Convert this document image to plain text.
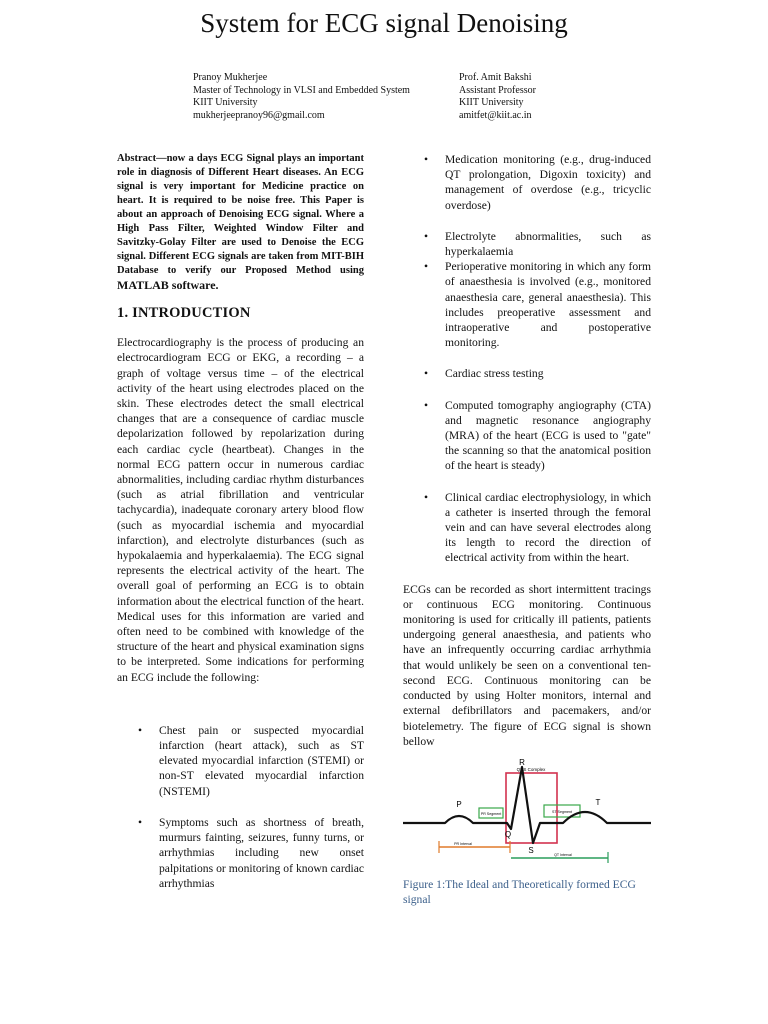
System for ECG signal Denoising
Pranoy Mukherjee
Master of Technology in VLSI and Embedded System
KIIT University
mukherjeepranoy96@gmail.com
Prof. Amit Bakshi
Assistant Professor
KIIT University
amitfet@kiit.ac.in

Abstract—now a days ECG Signal plays an important role in diagnosis of Different Heart diseases. An ECG signal is very important for Medicine practice on heart. It is required to be noise free. This Paper is about an approach of Denoising ECG signal. Where a High Pass Filter, Weighted Window Filter and Savitzky-Golay Filter are used to Denoise the ECG signal. Different ECG signals are taken from MIT-BIH Database to verify our Proposed Method using MATLAB software.

1. INTRODUCTION

Electrocardiography is the process of producing an electrocardiogram ECG or EKG, a recording – a graph of voltage versus time – of the electrical activity of the heart using electrodes placed on the skin. These electrodes detect the small electrical changes that are a consequence of cardiac muscle depolarization followed by repolarization during each cardiac cycle (heartbeat). Changes in the normal ECG pattern occur in numerous cardiac abnormalities, including cardiac rhythm disturbances (such as atrial fibrillation and ventricular tachycardia), inadequate coronary artery blood flow (such as myocardial ischemia and myocardial infarction), and electrolyte disturbances (such as hypokalaemia and hyperkalaemia). The ECG signal represents the electrical activity of the heart. The overall goal of performing an ECG is to obtain information about the electrical function of the heart. Medical uses for this information are varied and often need to be combined with knowledge of the structure of the heart and physical examination signs to be interpreted. Some indications for performing an ECG include the following:

• Chest pain or suspected myocardial infarction (heart attack), such as ST elevated myocardial infarction (STEMI) or non-ST elevated myocardial infarction (NSTEMI)
• Symptoms such as shortness of breath, murmurs fainting, seizures, funny turns, or arrhythmias including new onset palpitations or monitoring of known cardiac arrhythmias
• Medication monitoring (e.g., drug-induced QT prolongation, Digoxin toxicity) and management of overdose (e.g., tricyclic overdose)
• Electrolyte abnormalities, such as hyperkalaemia
• Perioperative monitoring in which any form of anaesthesia is involved (e.g., monitored anaesthesia care, general anaesthesia). This includes preoperative assessment and intraoperative and postoperative monitoring.
• Cardiac stress testing
• Computed tomography angiography (CTA) and magnetic resonance angiography (MRA) of the heart (ECG is used to "gate" the scanning so that the anatomical position of the heart is steady)
• Clinical cardiac electrophysiology, in which a catheter is inserted through the femoral vein and can have several electrodes along its length to record the direction of electrical activity from within the heart.

ECGs can be recorded as short intermittent tracings or continuous ECG monitoring. Continuous monitoring is used for critically ill patients, patients undergoing general anaesthesia, and patients who have an infrequently occurring cardiac arrhythmia that would unlikely be seen on a conventional ten-second ECG. Continuous monitoring can be conducted by using Holter monitors, internal and external defibrillators and pacemakers, and/or biotelemetry. The figure of ECG signal is shown bellow

P
R
Q
S
T
QRS Complex
PR Segment	ST Segment
PR Interval
QT Interval
Figure 1:The Ideal and Theoretically formed ECG signal
